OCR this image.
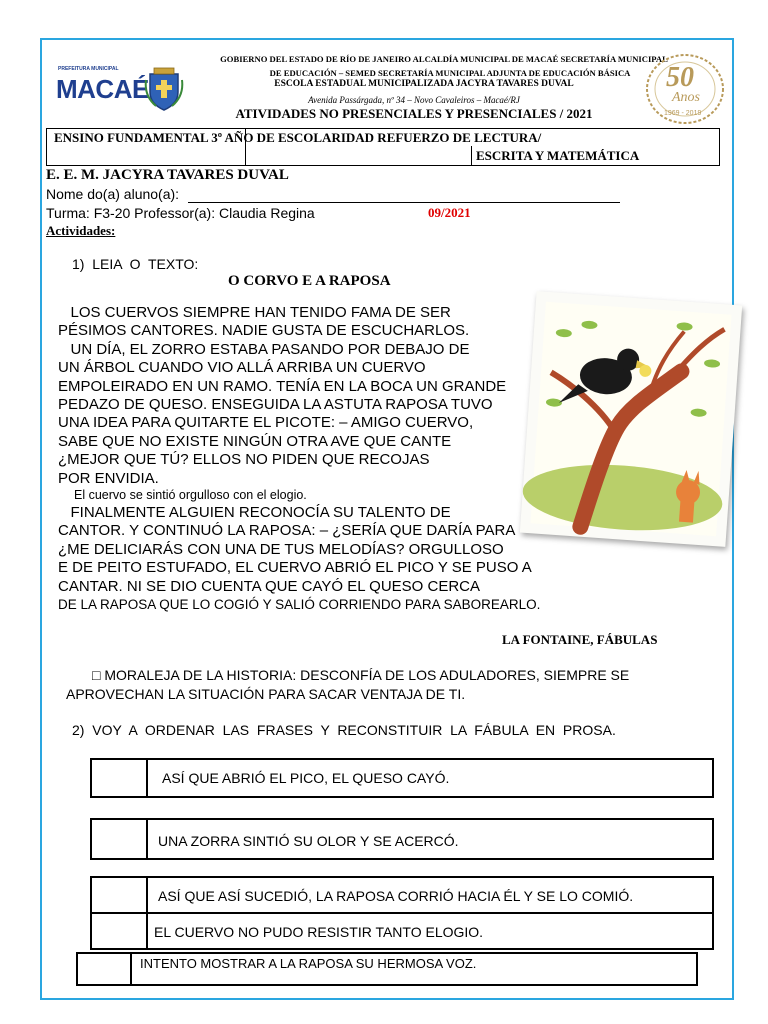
PREFEITURA MUNICIPAL
MACAÉ
GOBIERNO DEL ESTADO DE RÍO DE JANEIRO ALCALDÍA MUNICIPAL DE MACAÉ SECRETARÍA MUNICIPAL
DE EDUCACIÓN – SEMED SECRETARÍA MUNICIPAL ADJUNTA DE EDUCACIÓN BÁSICA
ESCOLA ESTADUAL MUNICIPALIZADA JACYRA TAVARES DUVAL
Avenida Passárgada, nº 34 – Novo Cavaleiros – Macaé/RJ
ATIVIDADES NO PRESENCIALES Y PRESENCIALES / 2021
50
Anos
1969 - 2019
ENSINO FUNDAMENTAL 3º AÑO DE ESCOLARIDAD REFUERZO DE LECTURA/
ESCRITA Y MATEMÁTICA
E. E. M. JACYRA TAVARES DUVAL
Nome do(a) aluno(a):
Turma: F3-20 Professor(a): Claudia Regina	09/2021
Actividades:
1)  LEIA  O  TEXTO:
O CORVO E A RAPOSA
LOS CUERVOS SIEMPRE HAN TENIDO FAMA DE SER
PÉSIMOS CANTORES. NADIE GUSTA DE ESCUCHARLOS.
UN DÍA, EL ZORRO ESTABA PASANDO POR DEBAJO DE
UN ÁRBOL CUANDO VIO ALLÁ ARRIBA UN CUERVO
EMPOLEIRADO EN UN RAMO. TENÍA EN LA BOCA UN GRANDE
PEDAZO DE QUESO. ENSEGUIDA LA ASTUTA RAPOSA TUVO
UNA IDEA PARA QUITARTE EL PICOTE: – AMIGO CUERVO,
SABE QUE NO EXISTE NINGÚN OTRA AVE QUE CANTE
¿MEJOR QUE TÚ? ELLOS NO PIDEN QUE RECOJAS
POR ENVIDIA.
El cuervo se sintió orgulloso con el elogio.
FINALMENTE ALGUIEN RECONOCÍA SU TALENTO DE
CANTOR. Y CONTINUÓ LA RAPOSA: – ¿SERÍA QUE DARÍA PARA
¿ME DELICIARÁS CON UNA DE TUS MELODÍAS? ORGULLOSO
E DE PEITO ESTUFADO, EL CUERVO ABRIÓ EL PICO Y SE PUSO A
CANTAR. NI SE DIO CUENTA QUE CAYÓ EL QUESO CERCA
DE LA RAPOSA QUE LO COGIÓ Y SALIÓ CORRIENDO PARA SABOREARLO.
LA FONTAINE, FÁBULAS
□ MORALEJA DE LA HISTORIA: DESCONFÍA DE LOS ADULADORES, SIEMPRE SE
APROVECHAN LA SITUACIÓN PARA SACAR VENTAJA DE TI.
2)  VOY  A  ORDENAR  LAS  FRASES  Y  RECONSTITUIR  LA  FÁBULA  EN  PROSA.
ASÍ QUE ABRIÓ EL PICO, EL QUESO CAYÓ.
UNA ZORRA SINTIÓ SU OLOR Y SE ACERCÓ.
ASÍ QUE ASÍ SUCEDIÓ, LA RAPOSA CORRIÓ HACIA ÉL Y SE LO COMIÓ.
EL CUERVO NO PUDO RESISTIR TANTO ELOGIO.
INTENTO MOSTRAR A LA RAPOSA SU HERMOSA VOZ.
